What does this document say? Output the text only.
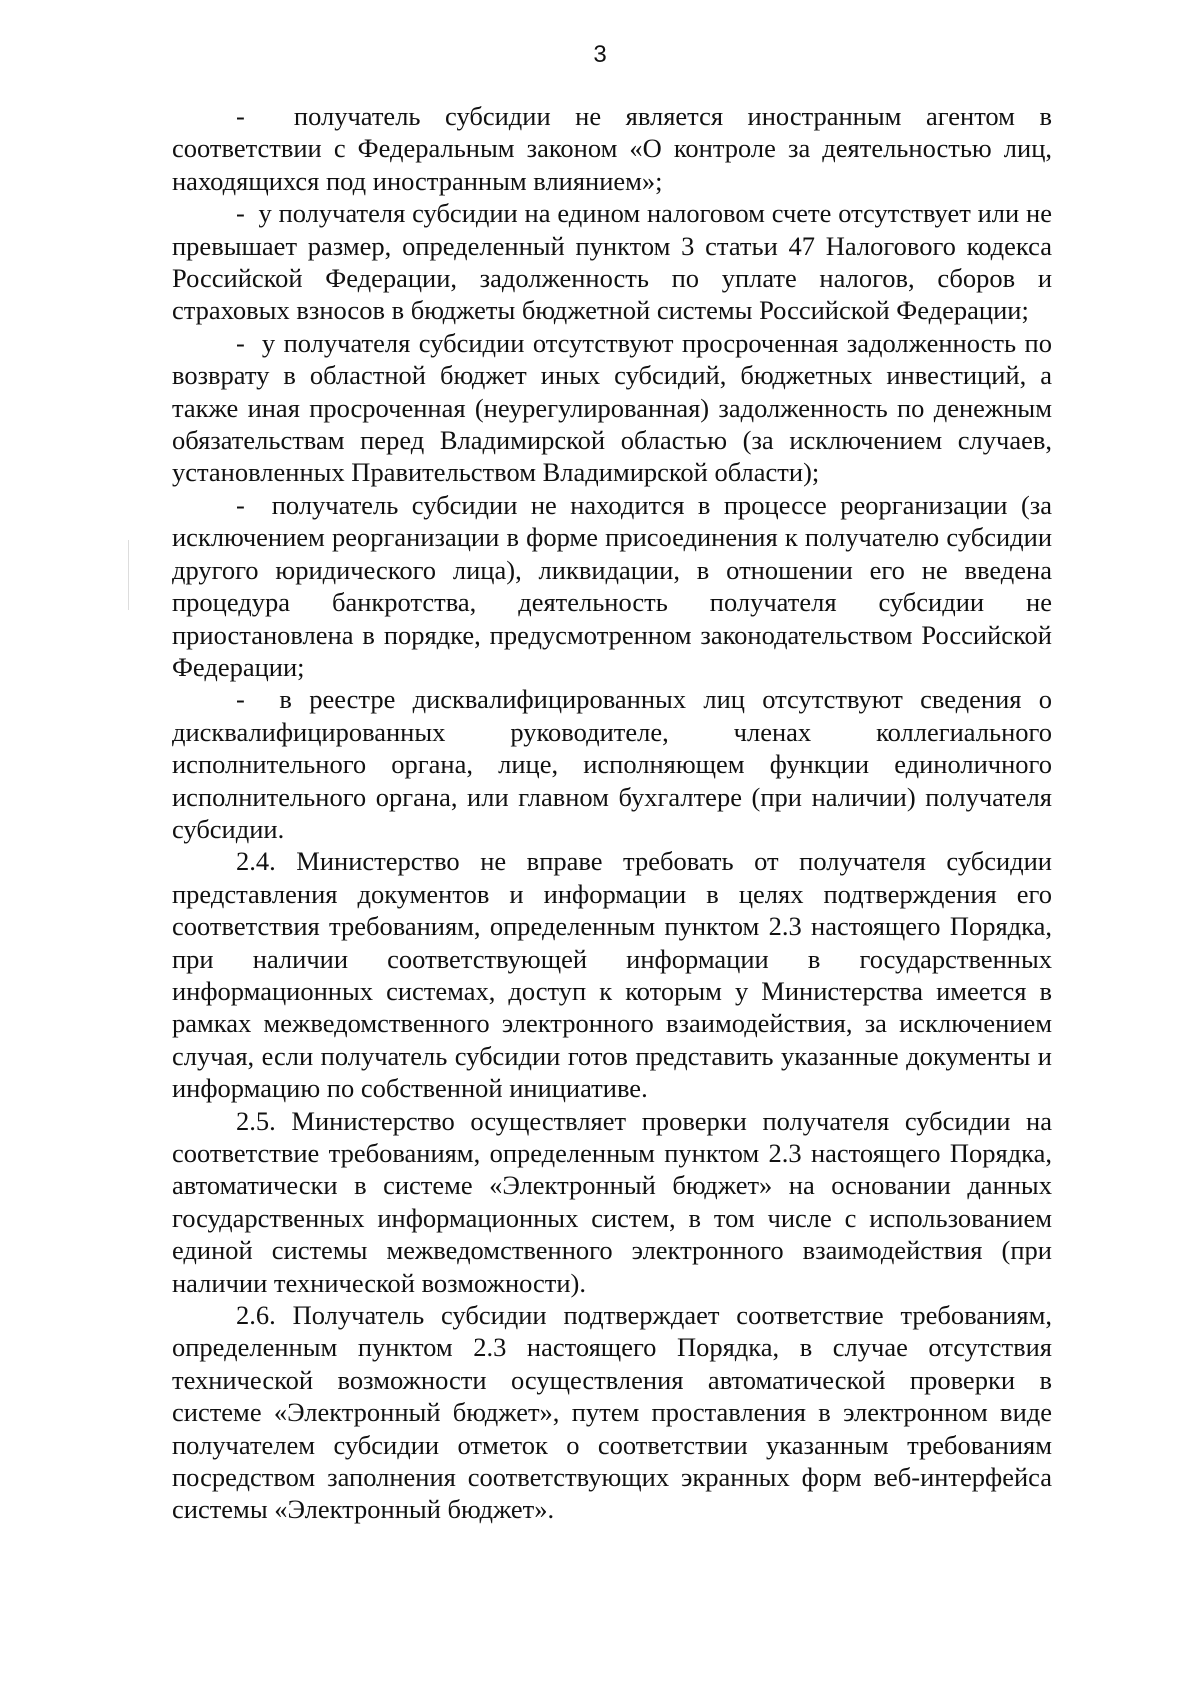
3

-  получатель субсидии не является иностранным агентом в соответствии с Федеральным законом «О контроле за деятельностью лиц, находящихся под иностранным влиянием»;

-  у получателя субсидии на едином налоговом счете отсутствует или не превышает размер, определенный пунктом 3 статьи 47 Налогового кодекса Российской Федерации, задолженность по уплате налогов, сборов и страховых взносов в бюджеты бюджетной системы Российской Федерации;

-  у получателя субсидии отсутствуют просроченная задолженность по возврату в областной бюджет иных субсидий, бюджетных инвестиций, а также иная просроченная (неурегулированная) задолженность по денежным обязательствам перед Владимирской областью (за исключением случаев, установленных Правительством Владимирской области);

-  получатель субсидии не находится в процессе реорганизации (за исключением реорганизации в форме присоединения к получателю субсидии другого юридического лица), ликвидации, в отношении его не введена процедура банкротства, деятельность получателя субсидии не приостановлена в порядке, предусмотренном законодательством Российской Федерации;

-  в реестре дисквалифицированных лиц отсутствуют сведения о дисквалифицированных руководителе, членах коллегиального исполнительного органа, лице, исполняющем функции единоличного исполнительного органа, или главном бухгалтере (при наличии) получателя субсидии.

2.4. Министерство не вправе требовать от получателя субсидии представления документов и информации в целях подтверждения его соответствия требованиям, определенным пунктом 2.3 настоящего Порядка, при наличии соответствующей информации в государственных информационных системах, доступ к которым у Министерства имеется в рамках межведомственного электронного взаимодействия, за исключением случая, если получатель субсидии готов представить указанные документы и информацию по собственной инициативе.

2.5. Министерство осуществляет проверки получателя субсидии на соответствие требованиям, определенным пунктом 2.3 настоящего Порядка, автоматически в системе «Электронный бюджет» на основании данных государственных информационных систем, в том числе с использованием единой системы межведомственного электронного взаимодействия (при наличии технической возможности).

2.6. Получатель субсидии подтверждает соответствие требованиям, определенным пунктом 2.3 настоящего Порядка, в случае отсутствия технической возможности осуществления автоматической проверки в системе «Электронный бюджет», путем проставления в электронном виде получателем субсидии отметок о соответствии указанным требованиям посредством заполнения соответствующих экранных форм веб-интерфейса системы «Электронный бюджет».
